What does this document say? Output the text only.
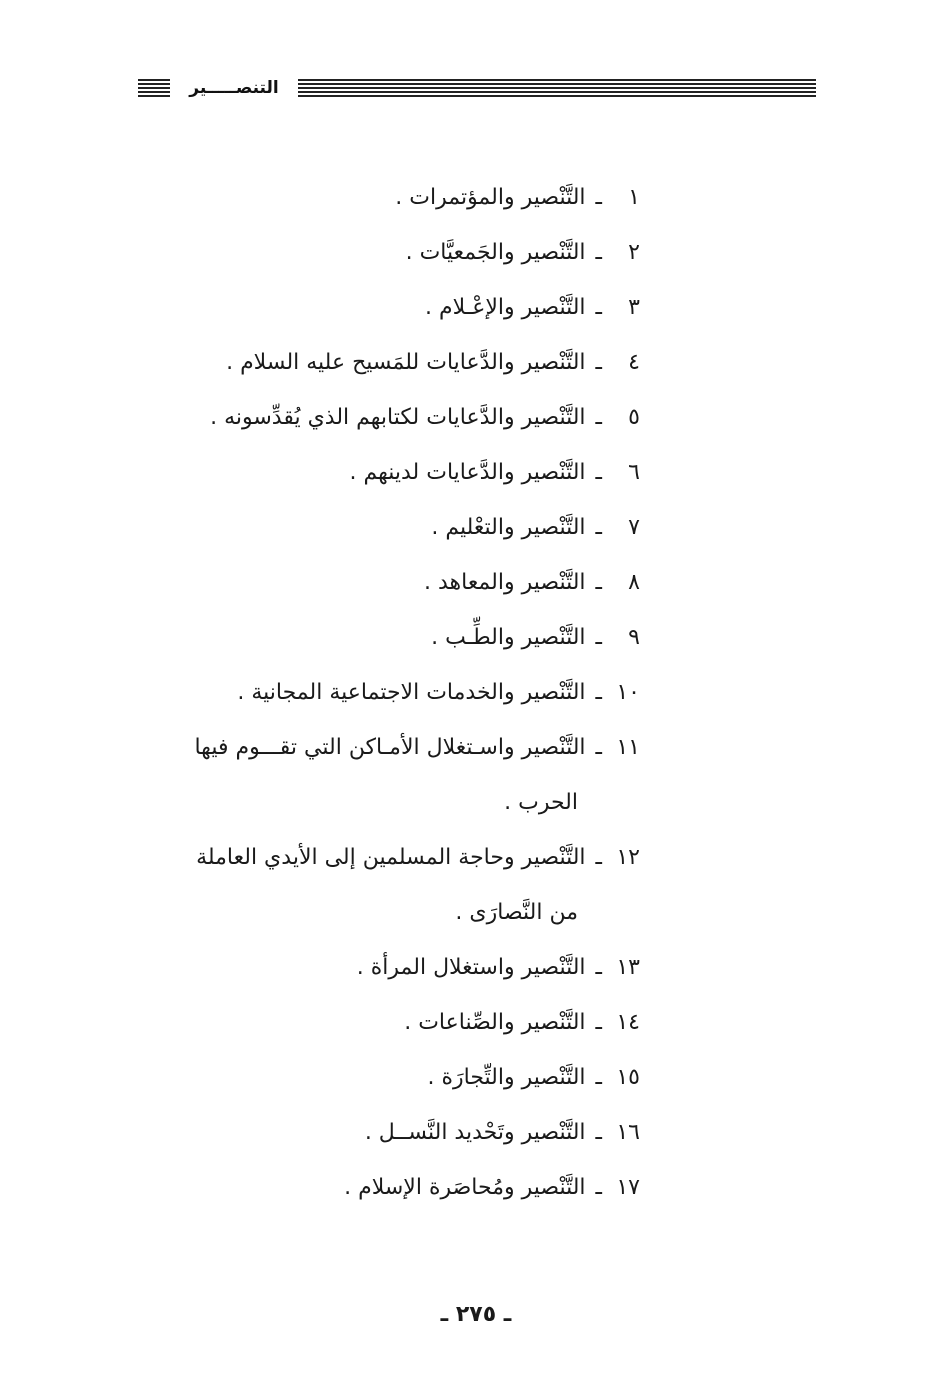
التنصـــــير
١ـالتَّنْصير والمؤتمرات .
٢ـالتَّنْصير والجَمعيَّات .
٣ـالتَّنْصير والإعْـلام .
٤ـالتَّنْصير والدَّعايات للمَسيح عليه السلام .
٥ـالتَّنْصير والدَّعايات لكتابهم الذي يُقدِّسونه .
٦ـالتَّنْصير والدَّعايات لدينهم .
٧ـالتَّنْصير والتعْليم .
٨ـالتَّنْصير والمعاهد .
٩ـالتَّنْصير والطِّـب .
١٠ـالتَّنْصير والخدمات الاجتماعية المجانية .
١١ـالتَّنْصير واسـتغلال الأمـاكن التي تقـــوم فيها
الحرب .
١٢ـالتَّنْصير وحاجة المسلمين إلى الأيدي العاملة
من النَّصارَى .
١٣ـالتَّنْصير واستغلال المرأة .
١٤ـالتَّنْصير والصِّناعات .
١٥ـالتَّنْصير والتِّجارَة .
١٦ـالتَّنْصير وتَحْديد النَّســل .
١٧ـالتَّنْصير ومُحاصَرة الإسلام .
ـ ٢٧٥ ـ
